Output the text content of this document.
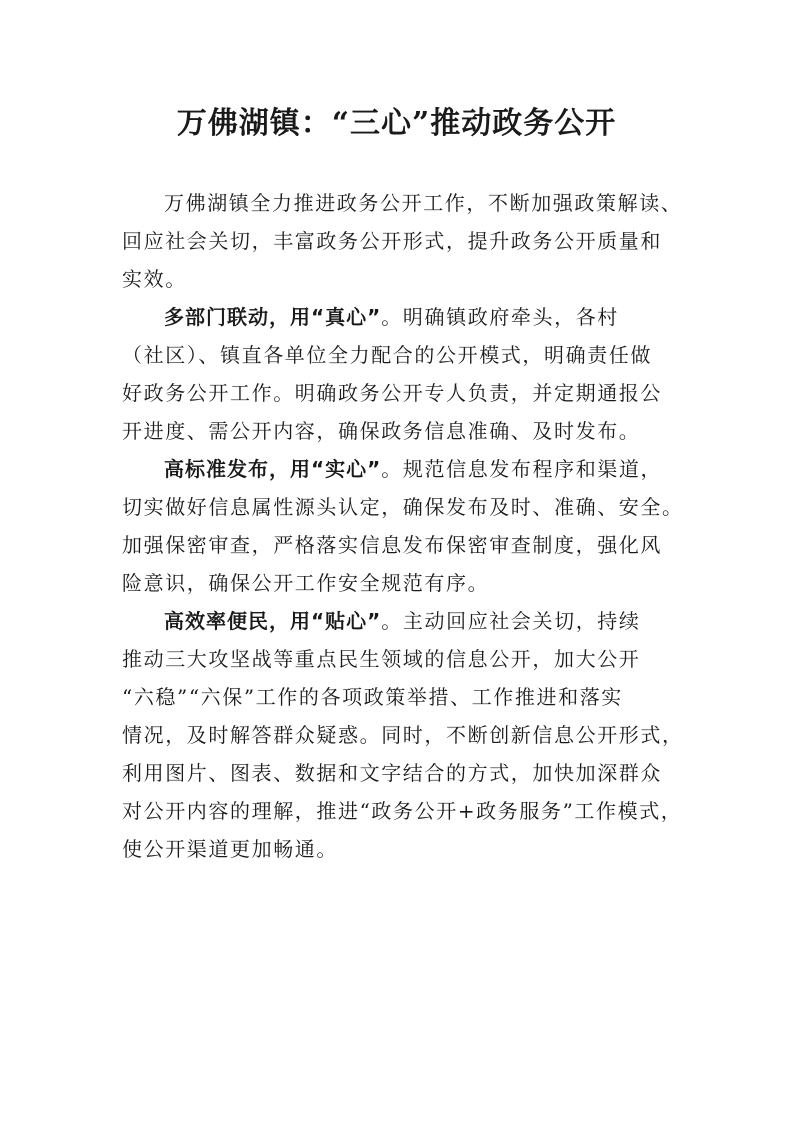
万佛湖镇：“三心”推动政务公开
万佛湖镇全力推进政务公开工作，不断加强政策解读、
回应社会关切，丰富政务公开形式，提升政务公开质量和
实效。
多部门联动，用“真心”。明确镇政府牵头，各村
（社区）、镇直各单位全力配合的公开模式，明确责任做
好政务公开工作。明确政务公开专人负责，并定期通报公
开进度、需公开内容，确保政务信息准确、及时发布。
高标准发布，用“实心”。规范信息发布程序和渠道，
切实做好信息属性源头认定，确保发布及时、准确、安全。
加强保密审查，严格落实信息发布保密审查制度，强化风
险意识，确保公开工作安全规范有序。
高效率便民，用“贴心”。主动回应社会关切，持续
推动三大攻坚战等重点民生领域的信息公开，加大公开
“六稳”“六保”工作的各项政策举措、工作推进和落实
情况，及时解答群众疑惑。同时，不断创新信息公开形式，
利用图片、图表、数据和文字结合的方式，加快加深群众
对公开内容的理解，推进“政务公开+政务服务”工作模式，
使公开渠道更加畅通。
